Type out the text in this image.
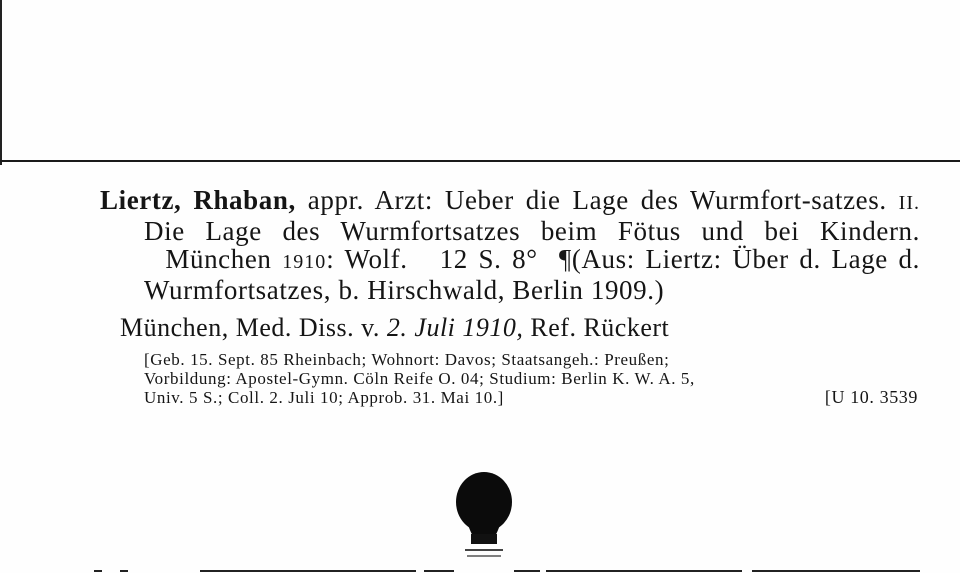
Liertz, Rhaban, appr. Arzt: Ueber die Lage des Wurmfort-satzes. II. Die Lage des Wurmfortsatzes beim Fötus und bei Kindern.   München 1910: Wolf. 12 S. 8° ¶(Aus: Liertz: Über d. Lage d. Wurmfortsatzes, b. Hirschwald, Berlin 1909.)

München, Med. Diss. v. 2. Juli 1910, Ref. Rückert

[Geb. 15. Sept. 85 Rheinbach; Wohnort: Davos; Staatsangeh.: Preußen;
Vorbildung: Apostel-Gymn. Cöln Reife O. 04; Studium: Berlin K. W. A. 5,
Univ. 5 S.; Coll. 2. Juli 10; Approb. 31. Mai 10.]	[U 10. 3539
